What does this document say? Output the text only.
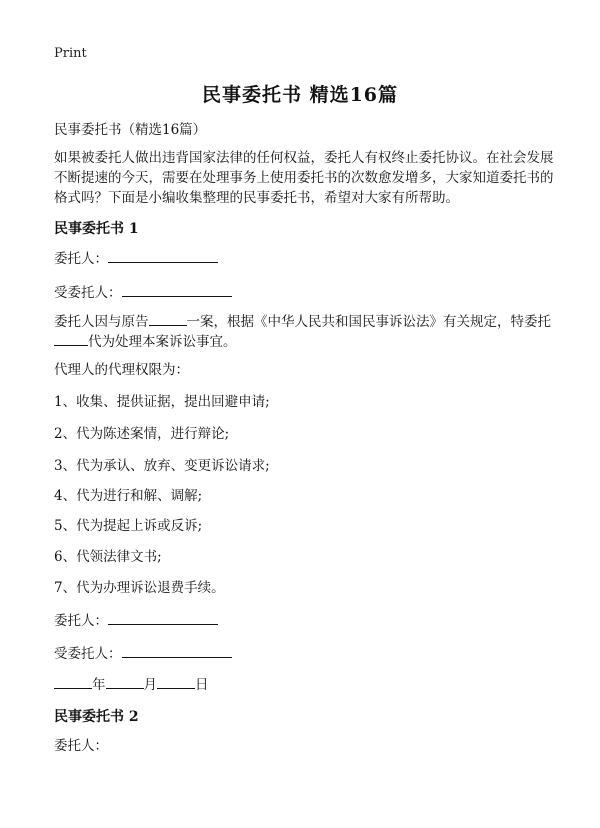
Print
民事委托书 精选16篇
民事委托书（精选16篇）
如果被委托人做出违背国家法律的任何权益，委托人有权终止委托协议。在社会发展不断提速的今天，需要在处理事务上使用委托书的次数愈发增多，大家知道委托书的格式吗？下面是小编收集整理的民事委托书，希望对大家有所帮助。
民事委托书 1
委托人：
受委托人：
委托人因与原告	一案，根据《中华人民共和国民事诉讼法》有关规定，特委托
代为处理本案诉讼事宜。
代理人的代理权限为：
1、收集、提供证据，提出回避申请;
2、代为陈述案情，进行辩论;
3、代为承认、放弃、变更诉讼请求;
4、代为进行和解、调解;
5、代为提起上诉或反诉;
6、代领法律文书;
7、代为办理诉讼退费手续。
委托人：
受委托人：
年	月	日
民事委托书 2
委托人：
